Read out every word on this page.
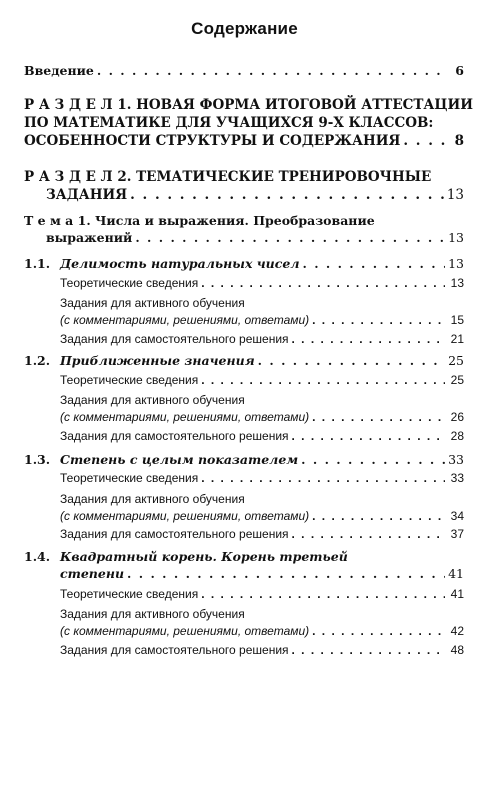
Содержание
Введение . . .	6
Р А З Д Е Л 1. НОВАЯ ФОРМА ИТОГОВОЙ АТТЕСТАЦИИ
ПО МАТЕМАТИКЕ ДЛЯ УЧАЩИХСЯ 9-Х КЛАССОВ:
ОСОБЕННОСТИ СТРУКТУРЫ И СОДЕРЖАНИЯ . . .	8
Р А З Д Е Л 2. ТЕМАТИЧЕСКИЕ ТРЕНИРОВОЧНЫЕ
ЗАДАНИЯ . . .	13
Т е м а 1. Числа и выражения. Преобразование
выражений . . .	13
1.1. Делимость натуральных чисел . . .	13
Теоретические сведения . . .	13
Задания для активного обучения
(с комментариями, решениями, ответами) . . .	15
Задания для самостоятельного решения . . .	21
1.2. Приближенные значения . . .	25
Теоретические сведения . . .	25
Задания для активного обучения
(с комментариями, решениями, ответами) . . .	26
Задания для самостоятельного решения . . .	28
1.3. Степень с целым показателем . . .	33
Теоретические сведения . . .	33
Задания для активного обучения
(с комментариями, решениями, ответами) . . .	34
Задания для самостоятельного решения . . .	37
1.4. Квадратный корень. Корень третьей
степени . . .	41
Теоретические сведения . . .	41
Задания для активного обучения
(с комментариями, решениями, ответами) . . .	42
Задания для самостоятельного решения . . .	48
